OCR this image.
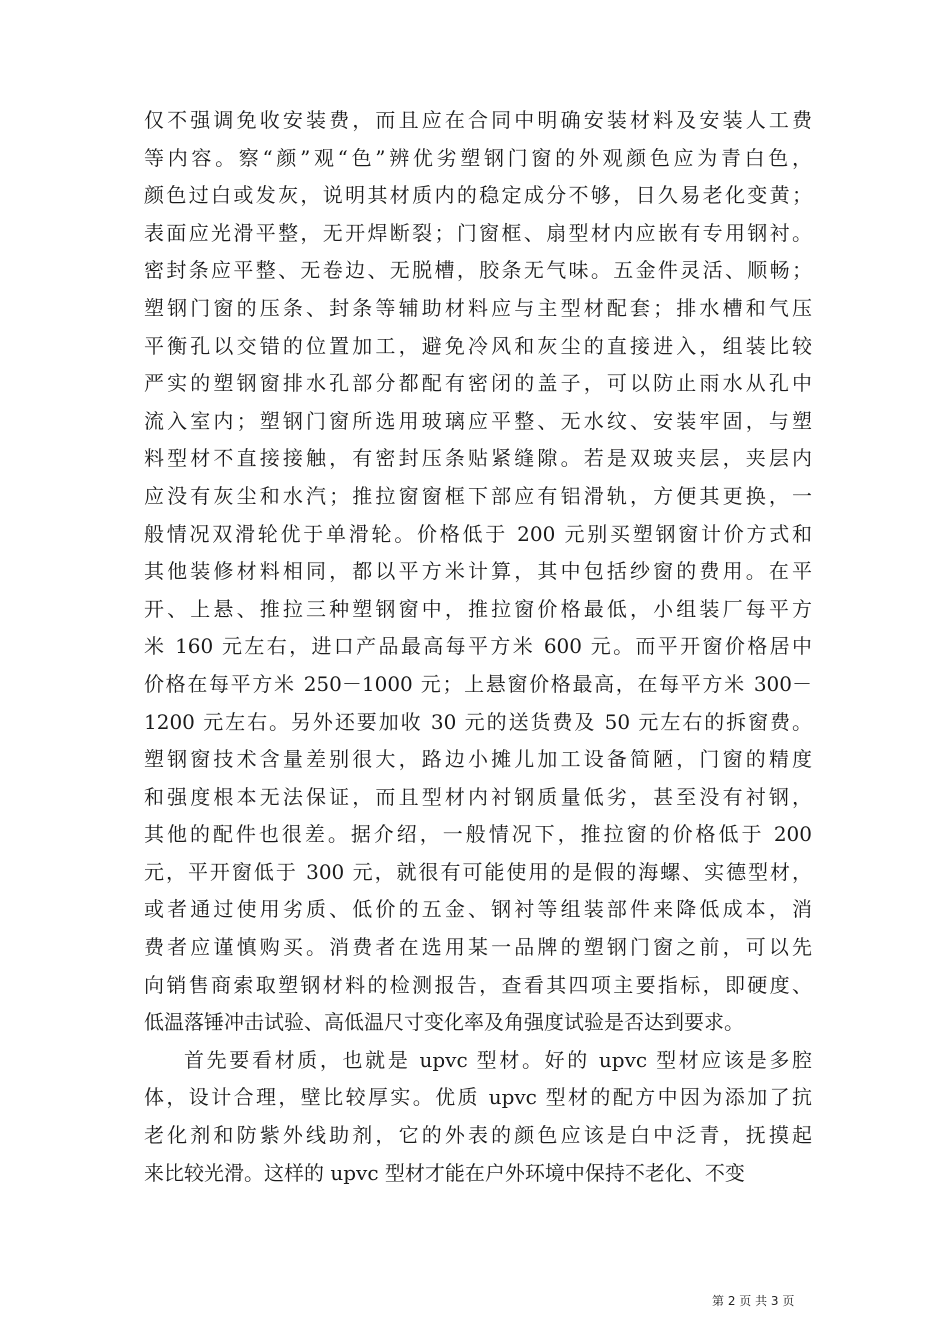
仅不强调免收安装费，而且应在合同中明确安装材料及安装人工费
等内容。察“颜”观“色”辨优劣塑钢门窗的外观颜色应为青白色，
颜色过白或发灰，说明其材质内的稳定成分不够，日久易老化变黄；
表面应光滑平整，无开焊断裂；门窗框、扇型材内应嵌有专用钢衬。
密封条应平整、无卷边、无脱槽，胶条无气味。五金件灵活、顺畅；
塑钢门窗的压条、封条等辅助材料应与主型材配套；排水槽和气压
平衡孔以交错的位置加工，避免冷风和灰尘的直接进入，组装比较
严实的塑钢窗排水孔部分都配有密闭的盖子，可以防止雨水从孔中
流入室内；塑钢门窗所选用玻璃应平整、无水纹、安装牢固，与塑
料型材不直接接触，有密封压条贴紧缝隙。若是双玻夹层，夹层内
应没有灰尘和水汽；推拉窗窗框下部应有铝滑轨，方便其更换，一
般情况双滑轮优于单滑轮。价格低于 200 元别买塑钢窗计价方式和
其他装修材料相同，都以平方米计算，其中包括纱窗的费用。在平
开、上悬、推拉三种塑钢窗中，推拉窗价格最低，小组装厂每平方
米 160 元左右，进口产品最高每平方米 600 元。而平开窗价格居中
价格在每平方米 250－1000 元；上悬窗价格最高，在每平方米 300－
1200 元左右。另外还要加收 30 元的送货费及 50 元左右的拆窗费。
塑钢窗技术含量差别很大，路边小摊儿加工设备简陋，门窗的精度
和强度根本无法保证，而且型材内衬钢质量低劣，甚至没有衬钢，
其他的配件也很差。据介绍，一般情况下，推拉窗的价格低于 200
元，平开窗低于 300 元，就很有可能使用的是假的海螺、实德型材，
或者通过使用劣质、低价的五金、钢衬等组装部件来降低成本，消
费者应谨慎购买。消费者在选用某一品牌的塑钢门窗之前，可以先
向销售商索取塑钢材料的检测报告，查看其四项主要指标，即硬度、
低温落锤冲击试验、高低温尺寸变化率及角强度试验是否达到要求。
首先要看材质，也就是 upvc 型材。好的 upvc 型材应该是多腔
体，设计合理，壁比较厚实。优质 upvc 型材的配方中因为添加了抗
老化剂和防紫外线助剂，它的外表的颜色应该是白中泛青，抚摸起
来比较光滑。这样的 upvc 型材才能在户外环境中保持不老化、不变
第 2 页 共 3 页
